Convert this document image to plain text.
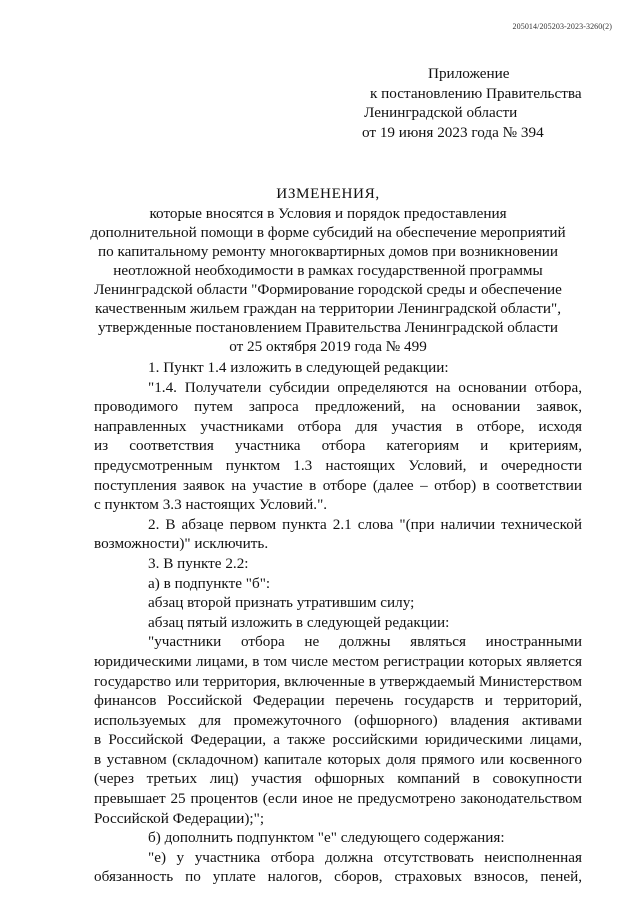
205014/205203-2023-3260(2)
Приложение
к постановлению Правительства
Ленинградской области
от 19 июня 2023 года № 394
ИЗМЕНЕНИЯ,
которые вносятся в Условия и порядок предоставления
дополнительной помощи в форме субсидий на обеспечение мероприятий
по капитальному ремонту многоквартирных домов при возникновении
неотложной необходимости в рамках государственной программы
Ленинградской области "Формирование городской среды и обеспечение
качественным жильем граждан на территории Ленинградской области",
утвержденные постановлением Правительства Ленинградской области
от 25 октября 2019 года № 499

1. Пункт 1.4 изложить в следующей редакции:

"1.4. Получатели субсидии определяются на основании отбора,

проводимого путем запроса предложений, на основании заявок,

направленных участниками отбора для участия в отборе, исходя

из соответствия участника отбора категориям и критериям,

предусмотренным пунктом 1.3 настоящих Условий, и очередности

поступления заявок на участие в отборе (далее – отбор) в соответствии

с пунктом 3.3 настоящих Условий.".

2. В абзаце первом пункта 2.1 слова "(при наличии технической

возможности)" исключить.

3. В пункте 2.2:

а) в подпункте "б":

абзац второй признать утратившим силу;

абзац пятый изложить в следующей редакции:

"участники отбора не должны являться иностранными

юридическими лицами, в том числе местом регистрации которых является

государство или территория, включенные в утверждаемый Министерством

финансов Российской Федерации перечень государств и территорий,

используемых для промежуточного (офшорного) владения активами

в Российской Федерации, а также российскими юридическими лицами,

в уставном (складочном) капитале которых доля прямого или косвенного

(через третьих лиц) участия офшорных компаний в совокупности

превышает 25 процентов (если иное не предусмотрено законодательством

Российской Федерации);";

б) дополнить подпунктом "е" следующего содержания:

"е) у участника отбора должна отсутствовать неисполненная

обязанность по уплате налогов, сборов, страховых взносов, пеней,
